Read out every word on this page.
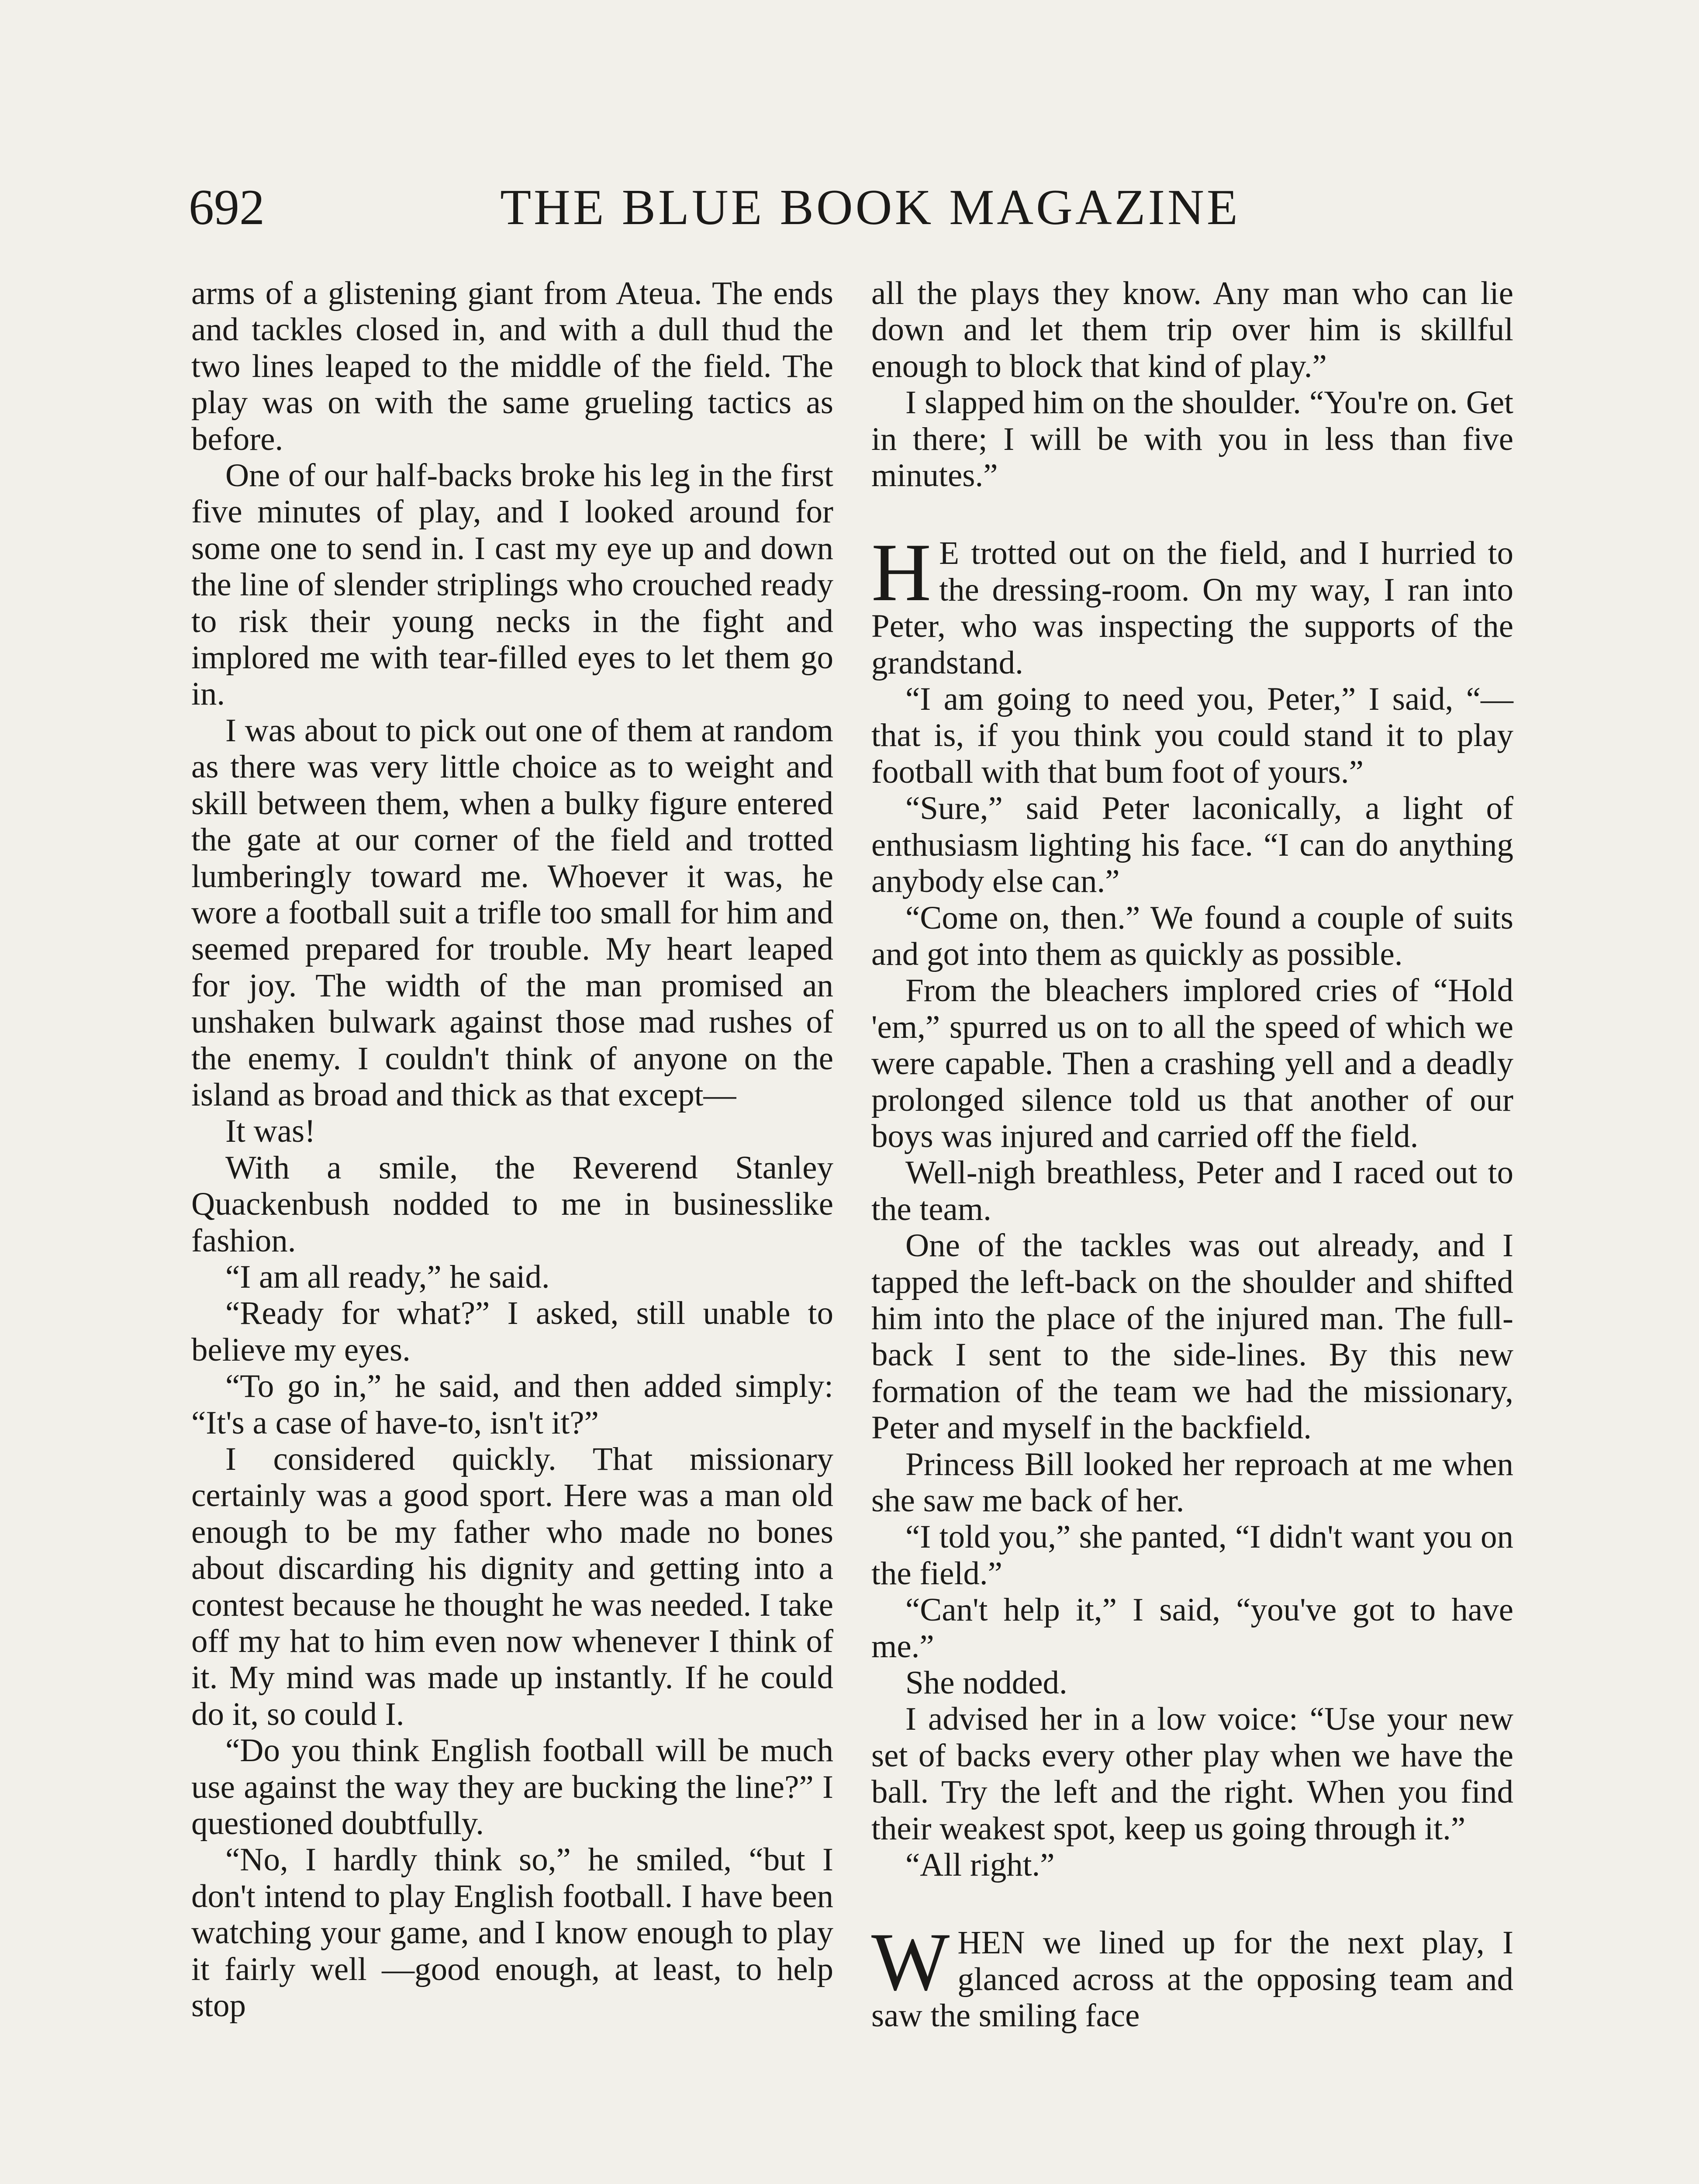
692	THE BLUE BOOK MAGAZINE

arms of a glistening giant from Ateua. The ends and tackles closed in, and with a dull thud the two lines leaped to the middle of the field. The play was on with the same grueling tactics as before.

One of our half-backs broke his leg in the first five minutes of play, and I looked around for some one to send in. I cast my eye up and down the line of slender striplings who crouched ready to risk their young necks in the fight and implored me with tear-filled eyes to let them go in.

I was about to pick out one of them at random as there was very little choice as to weight and skill between them, when a bulky figure entered the gate at our corner of the field and trotted lumberingly toward me. Whoever it was, he wore a football suit a trifle too small for him and seemed prepared for trouble. My heart leaped for joy. The width of the man promised an unshaken bulwark against those mad rushes of the enemy. I couldn't think of anyone on the island as broad and thick as that except—

It was!

With a smile, the Reverend Stanley Quackenbush nodded to me in businesslike fashion.

“I am all ready,” he said.

“Ready for what?” I asked, still unable to believe my eyes.

“To go in,” he said, and then added simply: “It's a case of have-to, isn't it?”

I considered quickly. That missionary certainly was a good sport. Here was a man old enough to be my father who made no bones about discarding his dignity and getting into a contest because he thought he was needed. I take off my hat to him even now whenever I think of it. My mind was made up instantly. If he could do it, so could I.

“Do you think English football will be much use against the way they are bucking the line?” I questioned doubtfully.

“No, I hardly think so,” he smiled, “but I don't intend to play English football. I have been watching your game, and I know enough to play it fairly well —good enough, at least, to help stop

all the plays they know. Any man who can lie down and let them trip over him is skillful enough to block that kind of play.”

I slapped him on the shoulder. “You're on. Get in there; I will be with you in less than five minutes.”

H E trotted out on the field, and I hurried to the dressing-room. On my way, I ran into Peter, who was inspecting the supports of the grandstand.

“I am going to need you, Peter,” I said, “—that is, if you think you could stand it to play football with that bum foot of yours.”

“Sure,” said Peter laconically, a light of enthusiasm lighting his face. “I can do anything anybody else can.”

“Come on, then.” We found a couple of suits and got into them as quickly as possible.

From the bleachers implored cries of “Hold 'em,” spurred us on to all the speed of which we were capable. Then a crashing yell and a deadly prolonged silence told us that another of our boys was injured and carried off the field.

Well-nigh breathless, Peter and I raced out to the team.

One of the tackles was out already, and I tapped the left-back on the shoulder and shifted him into the place of the injured man. The full-back I sent to the side-lines. By this new formation of the team we had the missionary, Peter and myself in the backfield.

Princess Bill looked her reproach at me when she saw me back of her.

“I told you,” she panted, “I didn't want you on the field.”

“Can't help it,” I said, “you've got to have me.”

She nodded.

I advised her in a low voice: “Use your new set of backs every other play when we have the ball. Try the left and the right. When you find their weakest spot, keep us going through it.”

“All right.”

WHEN we lined up for the next play, I glanced across at the opposing team and saw the smiling face
